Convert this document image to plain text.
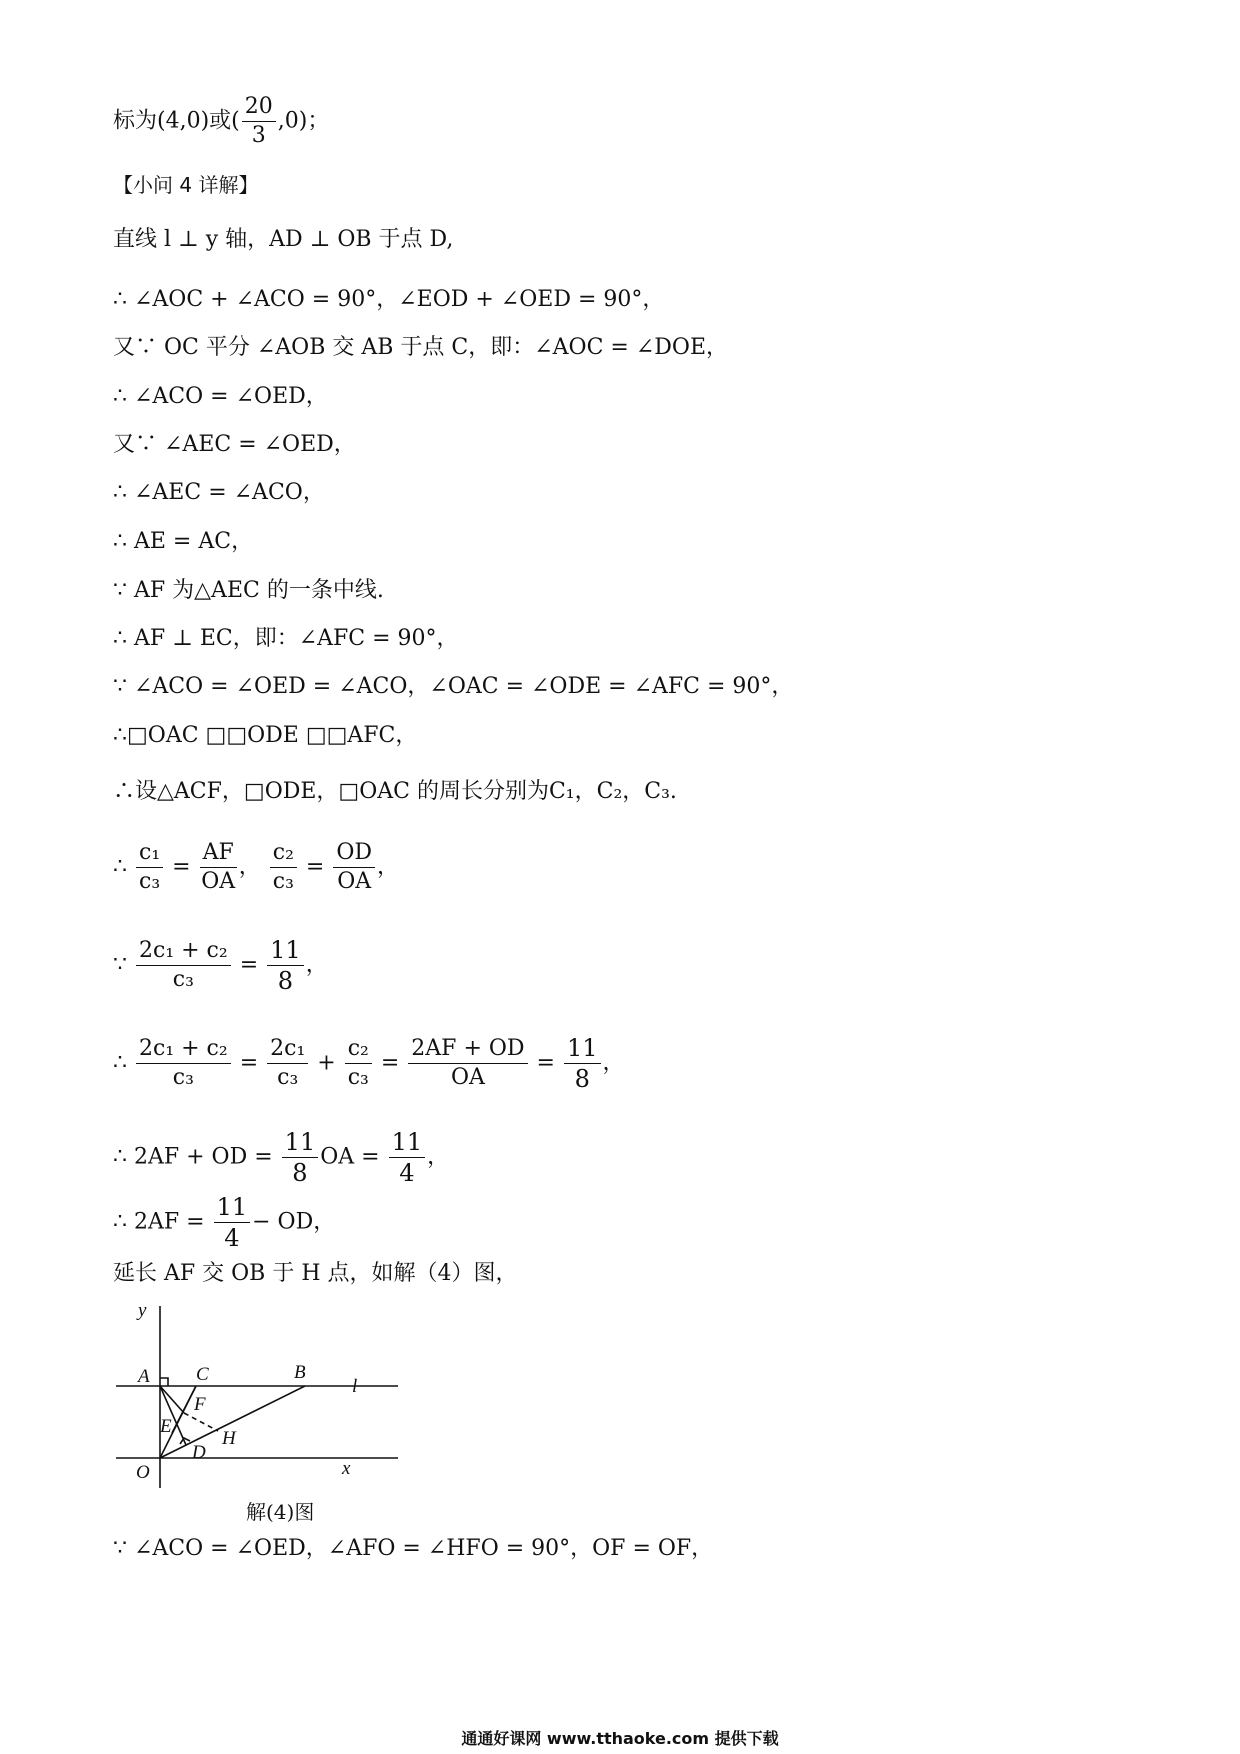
标为(4,0)或( $\frac{20}{3} ,0$)；
【小问 4 详解】
直线 l ⊥ y 轴，AD ⊥ OB 于点 D,
∴ ∠AOC + ∠ACO = 90°，∠EOD + ∠OED = 90°，
又∵ OC 平分 ∠AOB 交 AB 于点 C，即：∠AOC = ∠DOE，
∴ ∠ACO = ∠OED，
又∵ ∠AEC = ∠OED，
∴ ∠AEC = ∠ACO，
∴ AE = AC，
∵ AF 为△AEC 的一条中线.
∴ AF ⊥ EC，即：∠AFC = 90°，
∵ ∠ACO = ∠OED = ∠ACO，∠OAC = ∠ODE = ∠AFC = 90°，
∴□OAC □□ODE □□AFC，
∴设△ACF，□ODE，□OAC 的周长分别为C₁，C₂，C₃.
∴ $\frac{\text{c₁}}{\text{c₃}} = \frac{AF}{OA}$ ， $\frac{\text{c₂}}{\text{c₃}} = \frac{OD}{OA}$ ，
∵ $\frac{\text{2c₁ + c₂}}{\text{c₃}} = \frac{11}{8}$ ，
∴ $\frac{\text{2c₁ + c₂}}{\text{c₃}} = \frac{\text{2c₁}}{\text{c₃}} + \frac{\text{c₂}}{\text{c₃}} = \frac{2AF + OD}{OA} = \frac{11}{8}$ ，
∴ 2AF + OD = $\frac{11}{8}$ OA = $\frac{11}{4}$ ，
∴ $2AF = \frac{11}{4}$ − OD，
延长 AF 交 OB 于 H 点，如解（4）图，
y
x
l
A	B
C
F
E
H
D
O
解(4)图
∵ ∠ACO = ∠OED，∠AFO = ∠HFO = 90°，OF = OF，
通通好课网 www.tthaoke.com 提供下载
